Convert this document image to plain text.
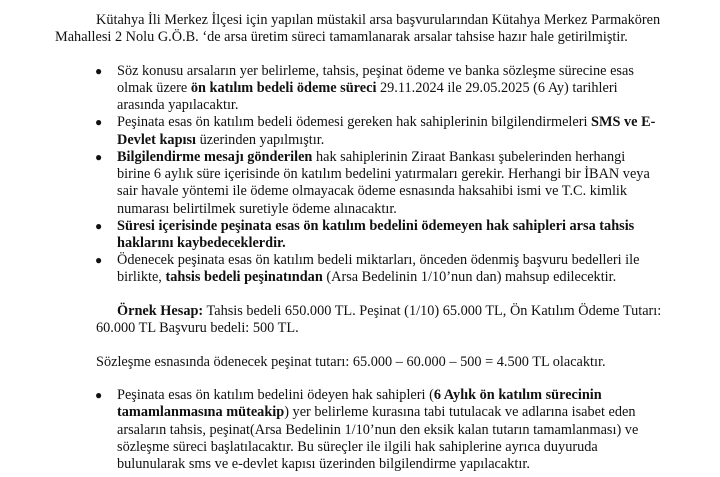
Kütahya İli Merkez İlçesi için yapılan müstakil arsa başvurularından Kütahya Merkez Parmakören
Mahallesi 2 Nolu G.Ö.B. ‘de arsa üretim süreci tamamlanarak arsalar tahsise hazır hale getirilmiştir.
●
Söz konusu arsaların yer belirleme, tahsis, peşinat ödeme ve banka sözleşme sürecine esas
olmak üzere ön katılım bedeli ödeme süreci 29.11.2024 ile 29.05.2025 (6 Ay) tarihleri
arasında yapılacaktır.
●
Peşinata esas ön katılım bedeli ödemesi gereken hak sahiplerinin bilgilendirmeleri SMS ve E-
Devlet kapısı üzerinden yapılmıştır.
●
Bilgilendirme mesajı gönderilen hak sahiplerinin Ziraat Bankası şubelerinden herhangi
birine 6 aylık süre içerisinde ön katılım bedelini yatırmaları gerekir. Herhangi bir İBAN veya
sair havale yöntemi ile ödeme olmayacak ödeme esnasında haksahibi ismi ve T.C. kimlik
numarası belirtilmek suretiyle ödeme alınacaktır.
●
Süresi içerisinde peşinata esas ön katılım bedelini ödemeyen hak sahipleri arsa tahsis
haklarını kaybedeceklerdir.
●
Ödenecek peşinata esas ön katılım bedeli miktarları, önceden ödenmiş başvuru bedelleri ile
birlikte, tahsis bedeli peşinatından (Arsa Bedelinin 1/10’nun dan) mahsup edilecektir.
Örnek Hesap: Tahsis bedeli 650.000 TL. Peşinat (1/10) 65.000 TL, Ön Katılım Ödeme Tutarı:
60.000 TL Başvuru bedeli: 500 TL.
Sözleşme esnasında ödenecek peşinat tutarı: 65.000 – 60.000 – 500 = 4.500 TL olacaktır.
●
Peşinata esas ön katılım bedelini ödeyen hak sahipleri (6 Aylık ön katılım sürecinin
tamamlanmasına müteakip) yer belirleme kurasına tabi tutulacak ve adlarına isabet eden
arsaların tahsis, peşinat(Arsa Bedelinin 1/10’nun den eksik kalan tutarın tamamlanması) ve
sözleşme süreci başlatılacaktır. Bu süreçler ile ilgili hak sahiplerine ayrıca duyuruda
bulunularak sms ve e-devlet kapısı üzerinden bilgilendirme yapılacaktır.
